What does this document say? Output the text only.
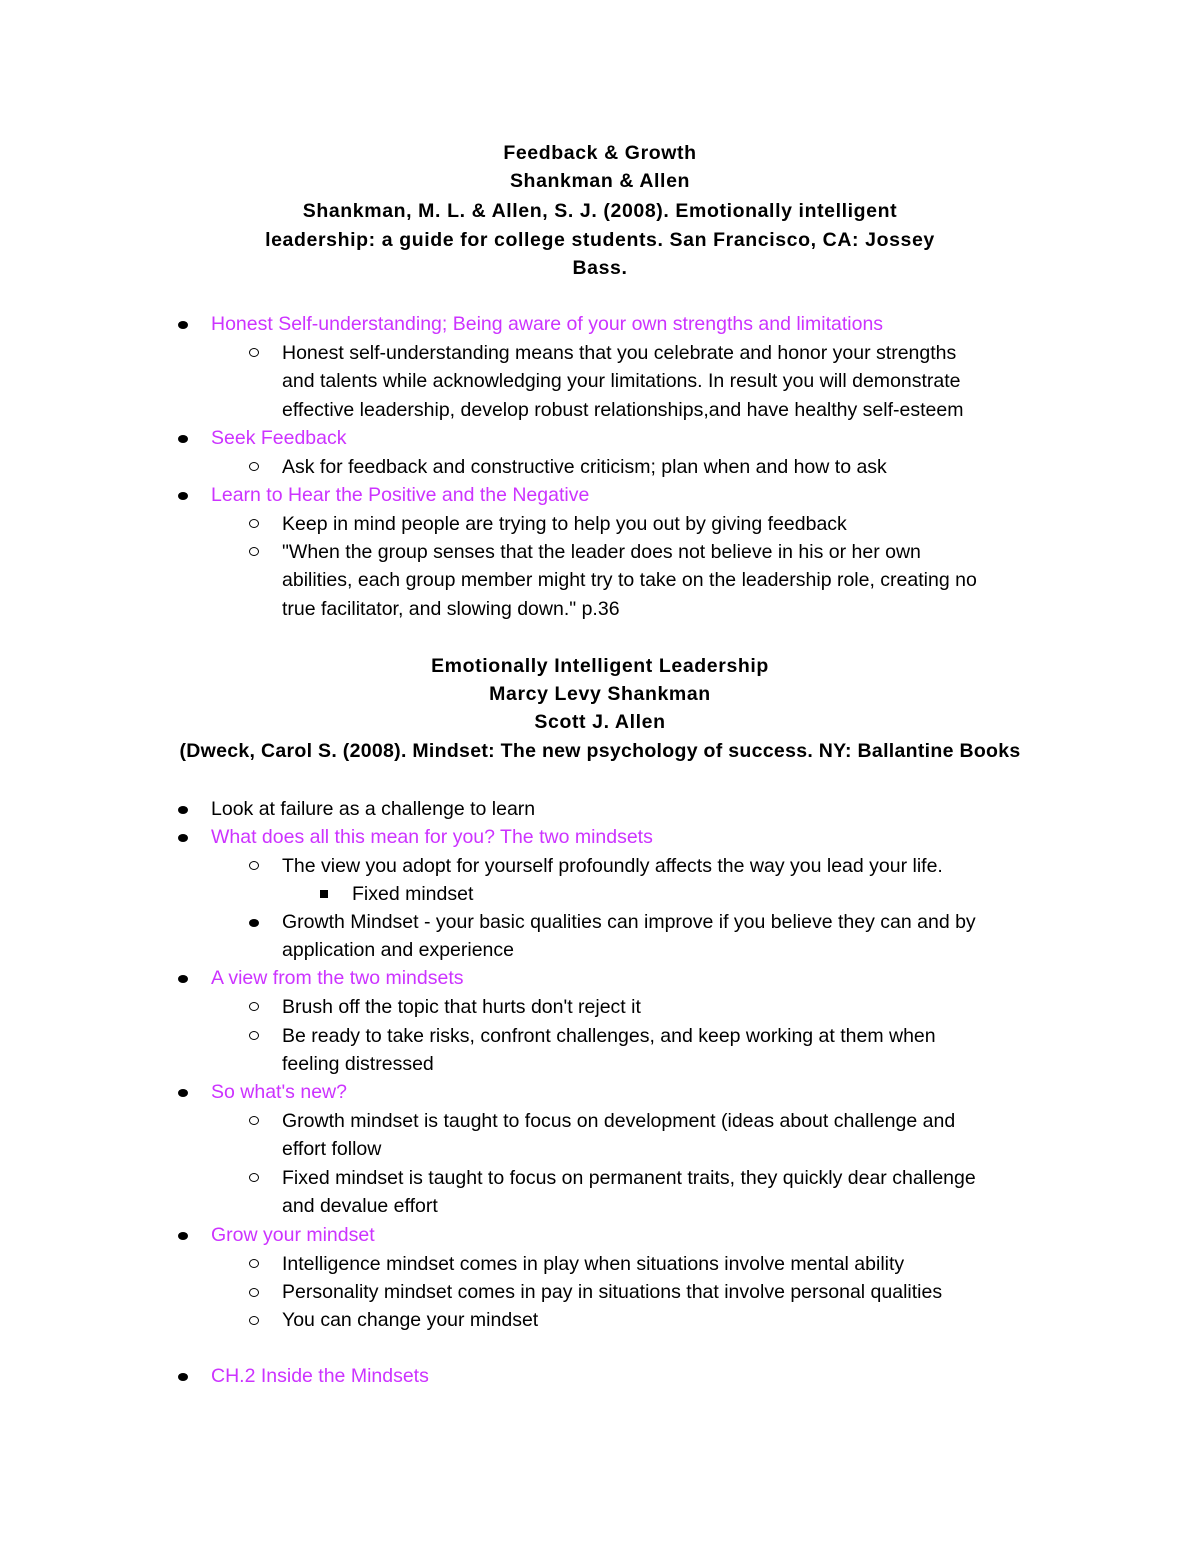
Feedback & Growth
Shankman & Allen
Shankman, M. L. & Allen, S. J. (2008). Emotionally intelligent
leadership: a guide for college students. San Francisco, CA: Jossey
Bass.
Honest Self-understanding; Being aware of your own strengths and limitations
Honest self-understanding means that you celebrate and honor your strengths
and talents while acknowledging your limitations. In result you will demonstrate
effective leadership, develop robust relationships,and have healthy self-esteem
Seek Feedback
Ask for feedback and constructive criticism; plan when and how to ask
Learn to Hear the Positive and the Negative
Keep in mind people are trying to help you out by giving feedback
"When the group senses that the leader does not believe in his or her own
abilities, each group member might try to take on the leadership role, creating no
true facilitator, and slowing down." p.36
Emotionally Intelligent Leadership
Marcy Levy Shankman
Scott J. Allen
(Dweck, Carol S. (2008). Mindset: The new psychology of success. NY: Ballantine Books
Look at failure as a challenge to learn
What does all this mean for you? The two mindsets
The view you adopt for yourself profoundly affects the way you lead your life.
Fixed mindset
Growth Mindset - your basic qualities can improve if you believe they can and by
application and experience
A view from the two mindsets
Brush off the topic that hurts don't reject it
Be ready to take risks, confront challenges, and keep working at them when
feeling distressed
So what's new?
Growth mindset is taught to focus on development (ideas about challenge and
effort follow
Fixed mindset is taught to focus on permanent traits, they quickly dear challenge
and devalue effort
Grow your mindset
Intelligence mindset comes in play when situations involve mental ability
Personality mindset comes in pay in situations that involve personal qualities
You can change your mindset
CH.2 Inside the Mindsets
